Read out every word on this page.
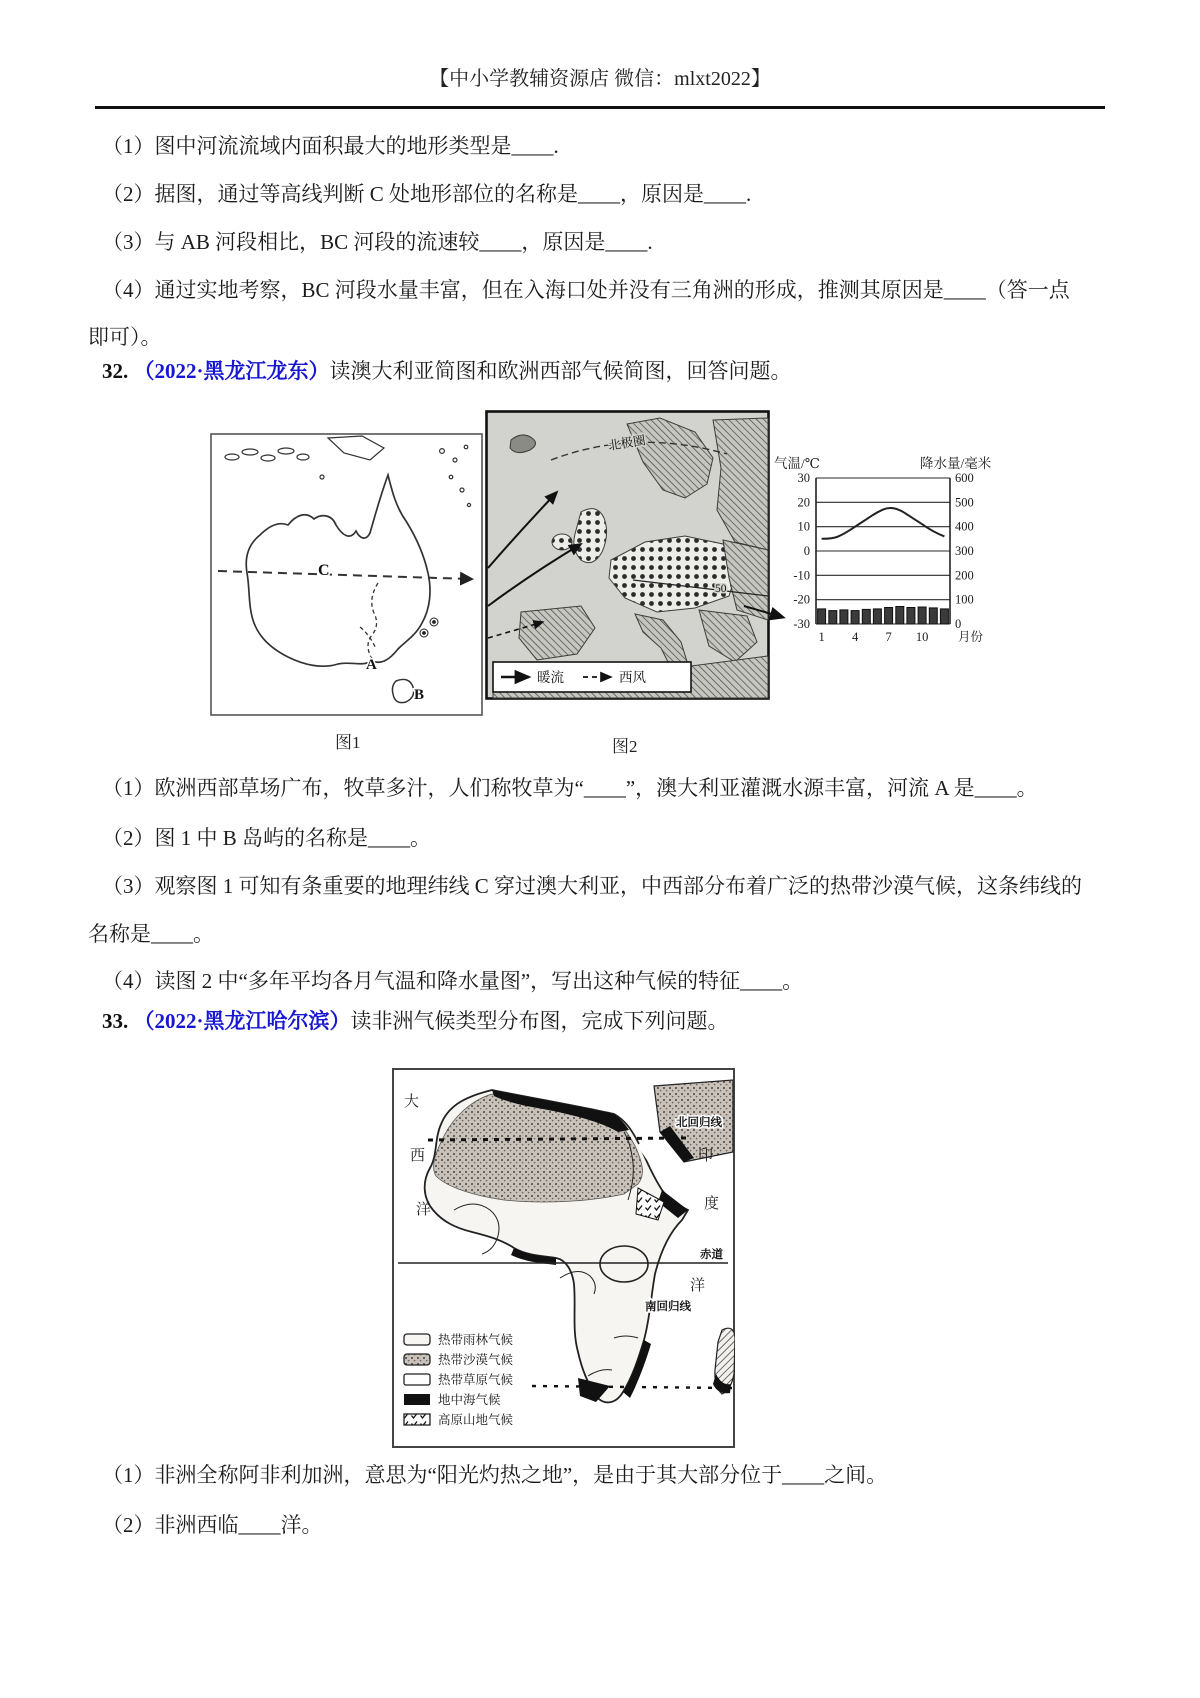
【中小学教辅资源店 微信：mlxt2022】
（1）图中河流流域内面积最大的地形类型是____.
（2）据图，通过等高线判断 C 处地形部位的名称是____，原因是____.
（3）与 AB 河段相比，BC 河段的流速较____，原因是____.
（4）通过实地考察，BC 河段水量丰富，但在入海口处并没有三角洲的形成，推测其原因是____（答一点
即可）。
32. （2022·黑龙江龙东）读澳大利亚简图和欧洲西部气候简图，回答问题。
C
A
B
北极圈
50
暖流	西风
气温/℃	降水量/毫米
30	600
20	500
10	400
0	300
-10	200
-20	100
-30	0
1 4 7 10 月份
图1	图2
（1）欧洲西部草场广布，牧草多汁，人们称牧草为“____”，澳大利亚灌溉水源丰富，河流 A 是____。
（2）图 1 中 B 岛屿的名称是____。
（3）观察图 1 可知有条重要的地理纬线 C 穿过澳大利亚，中西部分布着广泛的热带沙漠气候，这条纬线的
名称是____。
（4）读图 2 中“多年平均各月气温和降水量图”，写出这种气候的特征____。
33. （2022·黑龙江哈尔滨）读非洲气候类型分布图，完成下列问题。
北回归线
赤道
南回归线
大
西
洋
印
度
洋
热带雨林气候
热带沙漠气候
热带草原气候
地中海气候
高原山地气候
（1）非洲全称阿非利加洲，意思为“阳光灼热之地”，是由于其大部分位于____之间。
（2）非洲西临____洋。
